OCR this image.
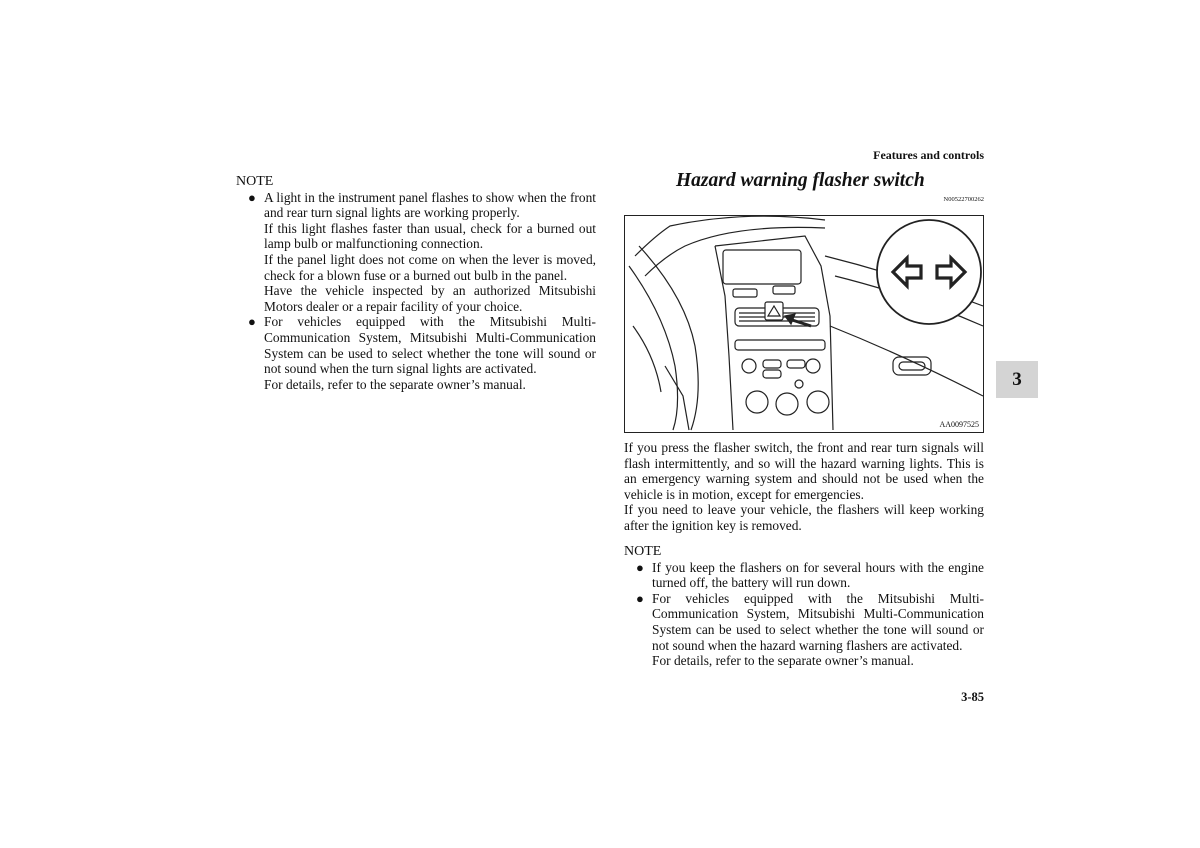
Features and controls
NOTE
● A light in the instrument panel flashes to show when the front and rear turn signal lights are working properly.
If this light flashes faster than usual, check for a burned out lamp bulb or malfunctioning connection.
If the panel light does not come on when the lever is moved, check for a blown fuse or a burned out bulb in the panel.
Have the vehicle inspected by an authorized Mitsubishi Motors dealer or a repair facility of your choice.
● For vehicles equipped with the Mitsubishi Multi-Communication System, Mitsubishi Multi-Communication System can be used to select whether the tone will sound or not sound when the turn signal lights are activated.
For details, refer to the separate owner’s manual.
Hazard warning flasher switch
N00522700262
AA0097525
If you press the flasher switch, the front and rear turn signals will flash intermittently, and so will the hazard warning lights. This is an emergency warning system and should not be used when the vehicle is in motion, except for emergencies.
If you need to leave your vehicle, the flashers will keep working after the ignition key is removed.
NOTE
● If you keep the flashers on for several hours with the engine turned off, the battery will run down.
● For vehicles equipped with the Mitsubishi Multi-Communication System, Mitsubishi Multi-Communication System can be used to select whether the tone will sound or not sound when the hazard warning flashers are activated.
For details, refer to the separate owner’s manual.
3
3-85
